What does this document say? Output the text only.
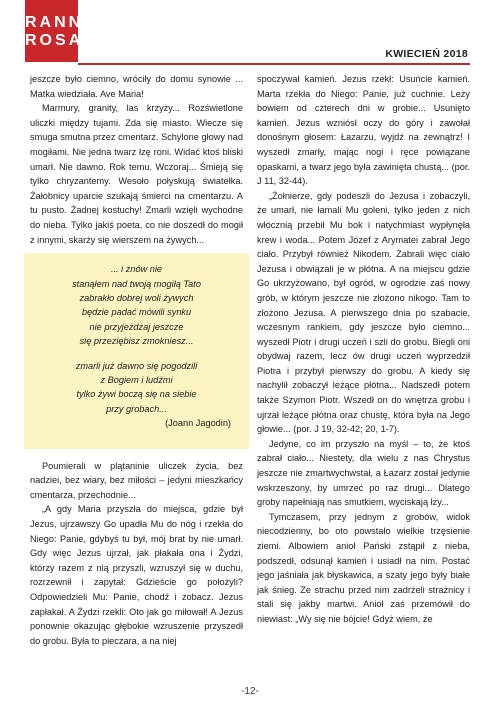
RANNA
ROSA
KWIECIEŃ 2018

jeszcze było ciemno, wróciły do domu synowie ... Matka wiedziała. Ave Maria!

Marmury, granity, las krzyży... Rozświetlone uliczki między tujami. Zda się miasto. Wiecze się smuga smutna przez cmentarz. Schylone głowy nad mogiłami. Nie jedna twarz łzę roni. Widać ktoś bliski umarł. Nie dawno. Rok temu. Wczoraj... Śmieją się tylko chryzantemy. Wesoło połyskują światełka. Żałobnicy uparcie szukają śmierci na cmentarzu. A tu pusto. Żadnej kostuchy! Zmarli wzięli wychodne do nieba. Tylko jakiś poeta, co nie doszedł do mogił z innymi, skarży się wierszem na żywych...

... i znów nie
stanąłem nad twoją mogiłą Tato
zabrakło dobrej woli żywych
będzie padać mówili synku
nie przyjeżdżaj jeszcze
się przeziębisz zmokniesz...
zmarli już dawno się pogodzili
z Bogiem i ludźmi
tylko żywi boczą się na siebie
przy grobach...
(Joann Jagodin)

Poumierali w plątaninie uliczek życia, bez nadziei, bez wiary, bez miłości – jedyni mieszkańcy cmentarza, przechodnie...

„A gdy Maria przyszła do miejsca, gdzie był Jezus, ujrzawszy Go upadła Mu do nóg i rzekła do Niego: Panie, gdybyś tu był, mój brat by nie umarł. Gdy więc Jezus ujrzał, jak płakała ona i Żydzi, którzy razem z nią przyszli, wzruszył się w duchu, rozrzewnił i zapytał: Gdzieście go położyli? Odpowiedzieli Mu: Panie, chodź i zobacz. Jezus zapłakał. A Żydzi rzekli: Oto jak go miłował! A Jezus ponownie okazując głębokie wzruszenie przyszedł do grobu. Była to pieczara, a na niej

spoczywał kamień. Jezus rzekł: Usuńcie kamień. Marta rzekła do Niego: Panie, już cuchnie. Leży bowiem od czterech dni w grobie... Usunięto kamień. Jezus wzniósł oczy do góry i zawołał donośnym głosem: Łazarzu, wyjdź na zewnątrz! I wyszedł zmarły, mając nogi i ręce powiązane opaskami, a twarz jego była zawinięta chustą... (por. J 11, 32-44).

„Żołnierze, gdy podeszli do Jezusa i zobaczyli, że umarł, nie łamali Mu goleni, tylko jeden z nich włócznią przebił Mu bok i natychmiast wypłynęła krew i woda... Potem Józef z Arymatei zabrał Jego ciało. Przybył również Nikodem. Zabrali więc ciało Jezusa i obwiązali je w płótna. A na miejscu gdzie Go ukrzyżowano, był ogród, w ogrodzie zaś nowy grób, w którym jeszcze nie złożono nikogo. Tam to złożono Jezusa. A pierwszego dnia po szabacie, wczesnym rankiem, gdy jeszcze było ciemno... wyszedł Piotr i drugi uczeń i szli do grobu. Biegli oni obydwaj razem, lecz ów drugi uczeń wyprzedził Piotra i przybył pierwszy do grobu. A kiedy się nachylił zobaczył leżące płótna... Nadszedł potem także Szymon Piotr. Wszedł on do wnętrza grobu i ujrzał leżące płótna oraz chustę, która była na Jego głowie... (por. J 19, 32-42; 20, 1-7).

Jedyne, co im przyszło na myśl – to, że ktoś zabrał ciało... Niestety, dla wielu z nas Chrystus jeszcze nie zmartwychwstał, a Łazarz został jedynie wskrzeszony, by umrzeć po raz drugi... Dlatego groby napełniają nas smutkiem, wyciskają łzy...

Tymczasem, przy jednym z grobów, widok niecodzienny, bo oto powstało wielkie trzęsienie ziemi. Albowiem anioł Pański zstąpił z nieba, podszedł, odsunął kamień i usiadł na nim. Postać jego jaśniała jak błyskawica, a szaty jego były białe jak śnieg. Ze strachu przed nim zadrżeli strażnicy i stali się jakby martwi. Anioł zaś przemówił do niewiast: „Wy się nie bójcie! Gdyż wiem, że

-12-
